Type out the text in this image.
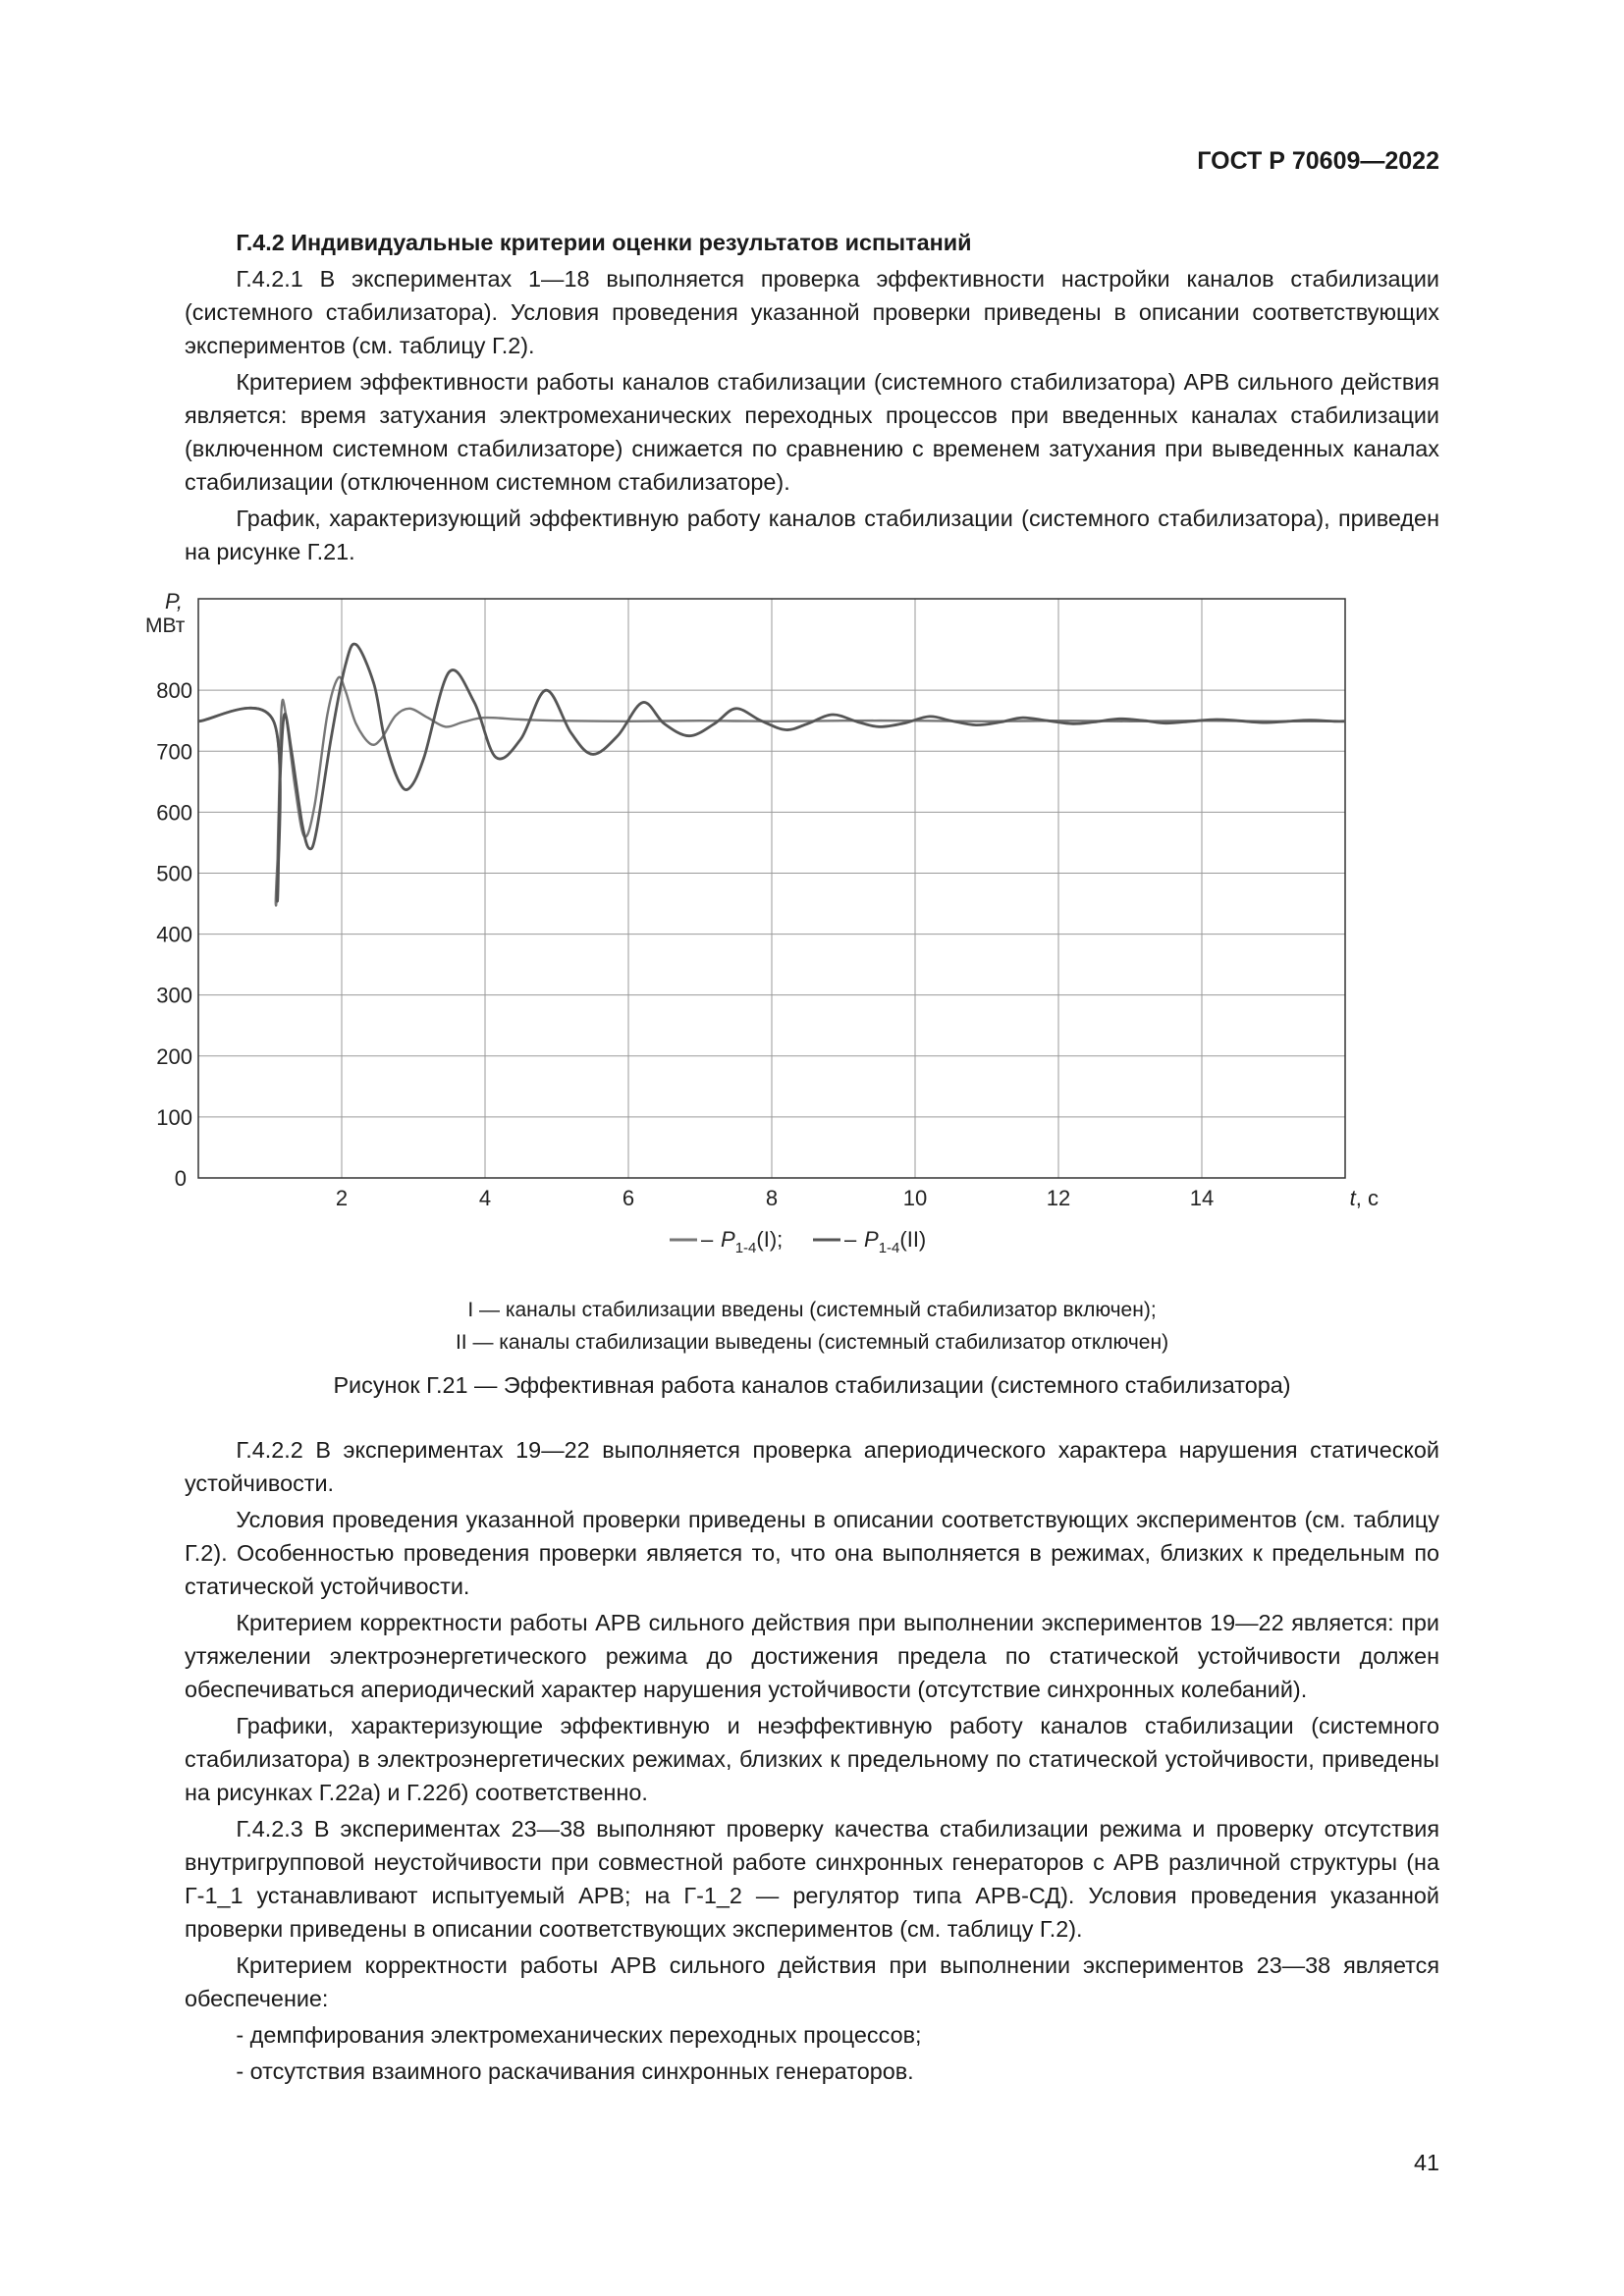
ГОСТ Р 70609—2022

Г.4.2 Индивидуальные критерии оценки результатов испытаний

Г.4.2.1 В экспериментах 1—18 выполняется проверка эффективности настройки каналов стабилизации (системного стабилизатора). Условия проведения указанной проверки приведены в описании соответствующих экспериментов (см. таблицу Г.2).

Критерием эффективности работы каналов стабилизации (системного стабилизатора) АРВ сильного действия является: время затухания электромеханических переходных процессов при введенных каналах стабилизации (включенном системном стабилизаторе) снижается по сравнению с временем затухания при выведенных каналах стабилизации (отключенном системном стабилизаторе).

График, характеризующий эффективную работу каналов стабилизации (системного стабилизатора), приведен на рисунке Г.21.

2	4	6	8	10	12	14
0
100
200
300
400
500
600
700
800
P,
МВт
t, с
– $P_{1-4}(I)$;	– $P_{1-4}(II)$
I — каналы стабилизации введены (системный стабилизатор включен);
II — каналы стабилизации выведены (системный стабилизатор отключен)
Рисунок Г.21 — Эффективная работа каналов стабилизации (системного стабилизатора)

Г.4.2.2 В экспериментах 19—22 выполняется проверка апериодического характера нарушения статической устойчивости.

Условия проведения указанной проверки приведены в описании соответствующих экспериментов (см. таблицу Г.2). Особенностью проведения проверки является то, что она выполняется в режимах, близких к предельным по статической устойчивости.

Критерием корректности работы АРВ сильного действия при выполнении экспериментов 19—22 является: при утяжелении электроэнергетического режима до достижения предела по статической устойчивости должен обеспечиваться апериодический характер нарушения устойчивости (отсутствие синхронных колебаний).

Графики, характеризующие эффективную и неэффективную работу каналов стабилизации (системного стабилизатора) в электроэнергетических режимах, близких к предельному по статической устойчивости, приведены на рисунках Г.22а) и Г.22б) соответственно.

Г.4.2.3 В экспериментах 23—38 выполняют проверку качества стабилизации режима и проверку отсутствия внутригрупповой неустойчивости при совместной работе синхронных генераторов с АРВ различной структуры (на Г-1_1 устанавливают испытуемый АРВ; на Г-1_2 — регулятор типа АРВ-СД). Условия проведения указанной проверки приведены в описании соответствующих экспериментов (см. таблицу Г.2).

Критерием корректности работы АРВ сильного действия при выполнении экспериментов 23—38 является обеспечение:

- демпфирования электромеханических переходных процессов;

- отсутствия взаимного раскачивания синхронных генераторов.

41
